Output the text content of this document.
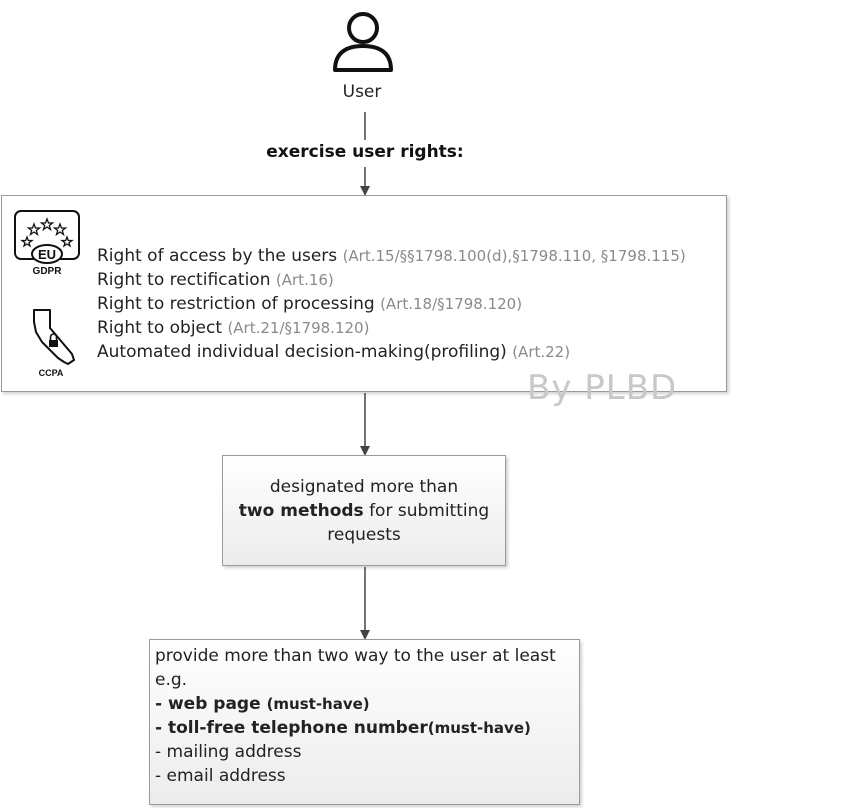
User
exercise user rights:
EU
GDPR
CCPA
Right of access by the users (Art.15/§§1798.100(d),§1798.110, §1798.115)
Right to rectification (Art.16)
Right to restriction of processing (Art.18/§1798.120)
Right to object (Art.21/§1798.120)
Automated individual decision-making(profiling) (Art.22)
By PLBD
designated more than
two methods for submitting
requests
provide more than two way to the user at least
e.g.
- web page (must-have)
- toll-free telephone number(must-have)
- mailing address
- email address
